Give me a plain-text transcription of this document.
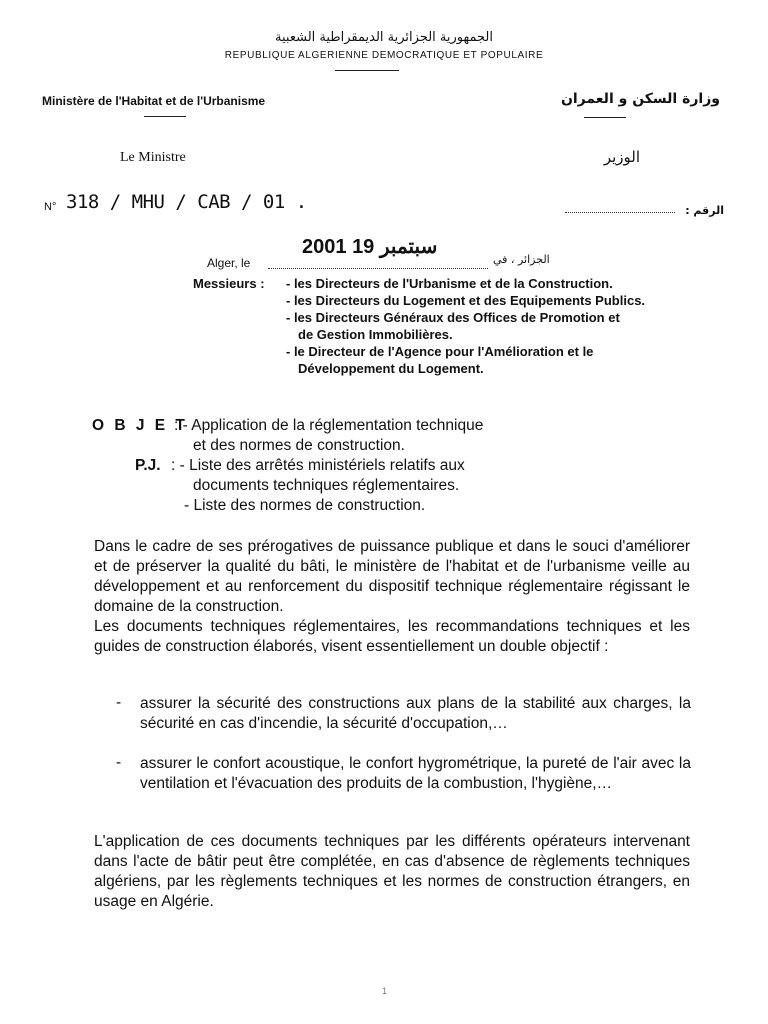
الجمهورية الجزائرية الديمقراطية الشعبية
REPUBLIQUE ALGERIENNE DEMOCRATIQUE ET POPULAIRE
Ministère de l'Habitat et de l'Urbanisme	وزارة السكن و العمران
Le Ministre	الوزير
N° 318 / MHU / CAB / 01 .	الرقم :
2001 سبتمبر 19
Alger, le	الجزائر ، في
Messieurs : - les Directeurs de l'Urbanisme et de la Construction.
- les Directeurs du Logement et des Equipements Publics.
- les Directeurs Généraux des Offices de Promotion et
de Gestion Immobilières.
- le Directeur de l'Agence pour l'Amélioration et le
Développement du Logement.
O B J E T
: - Application de la réglementation technique
et des normes de construction.
P.J. : - Liste des arrêtés ministériels relatifs aux
documents techniques réglementaires.
- Liste des normes de construction.
Dans le cadre de ses prérogatives de puissance publique et dans le souci d'améliorer et de préserver la qualité du bâti, le ministère de l'habitat et de l'urbanisme veille au développement et au renforcement du dispositif technique réglementaire régissant le domaine de la construction.
Les documents techniques réglementaires, les recommandations techniques et les guides de construction élaborés, visent essentiellement un double objectif :
- assurer la sécurité des constructions aux plans de la stabilité aux charges, la sécurité en cas d'incendie, la sécurité d'occupation,…
- assurer le confort acoustique, le confort hygrométrique, la pureté de l'air avec la ventilation et l'évacuation des produits de la combustion, l'hygiène,…
L'application de ces documents techniques par les différents opérateurs intervenant dans l'acte de bâtir peut être complétée, en cas d'absence de règlements techniques algériens, par les règlements techniques et les normes de construction étrangers, en usage en Algérie.
1
